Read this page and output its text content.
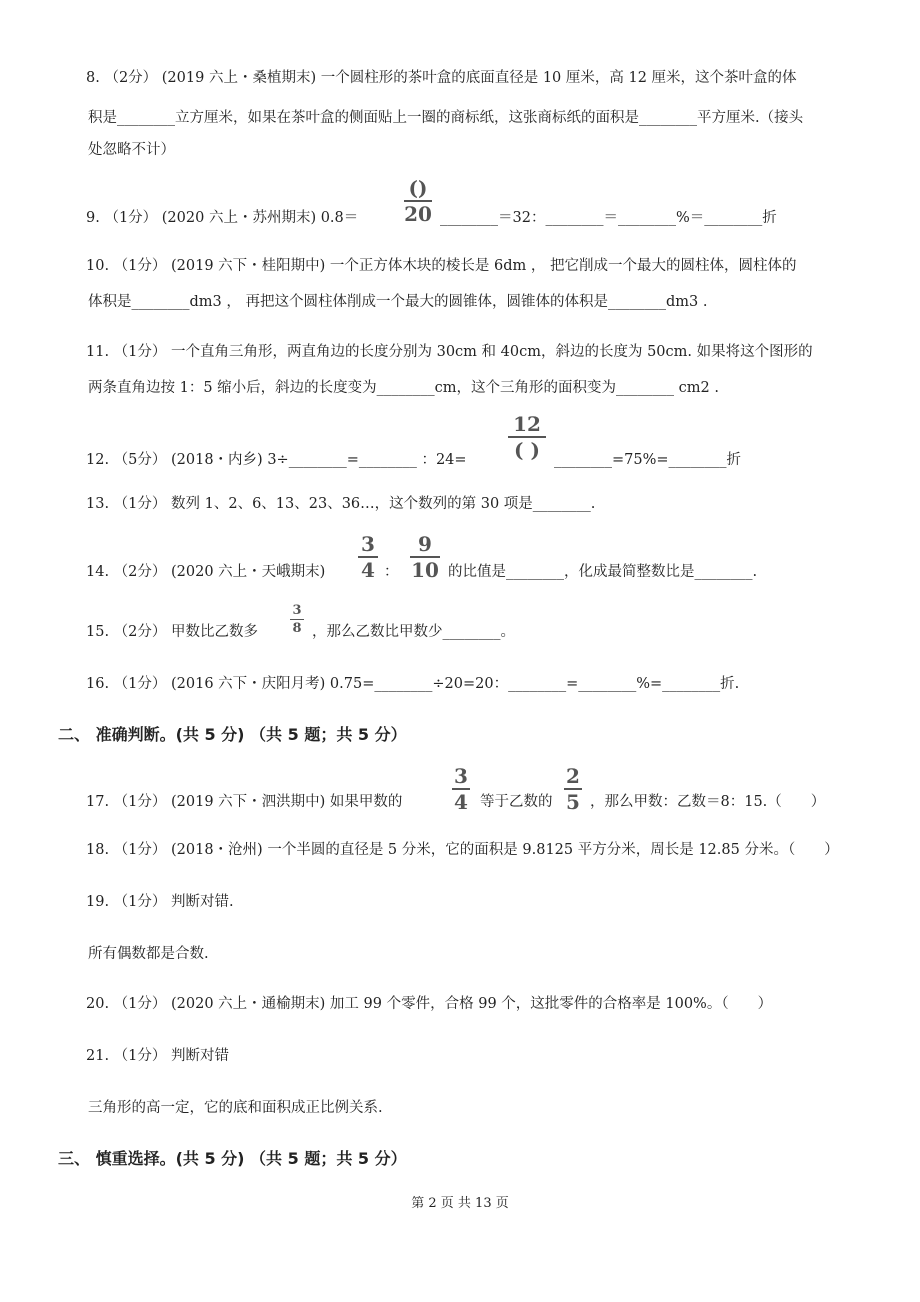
8. （2分） (2019 六上・桑植期末) 一个圆柱形的茶叶盒的底面直径是 10 厘米，高 12 厘米，这个茶叶盒的体
积是________立方厘米，如果在茶叶盒的侧面贴上一圈的商标纸，这张商标纸的面积是________平方厘米.（接头
处忽略不计）
9. （1分） (2020 六上・苏州期末) 0.8＝
()
20 ________＝32：________＝________%＝________折
10. （1分） (2019 六下・桂阳期中) 一个正方体木块的棱长是 6dm ， 把它削成一个最大的圆柱体，圆柱体的
体积是________dm3 ， 再把这个圆柱体削成一个最大的圆锥体，圆锥体的体积是________dm3 .
11. （1分） 一个直角三角形，两直角边的长度分别为 30cm 和 40cm，斜边的长度为 50cm. 如果将这个图形的
两条直角边按 1：5 缩小后，斜边的长度变为________cm，这个三角形的面积变为________ cm2 .
12. （5分） (2018・内乡) 3÷________=________ ：24=
12
( ) ________=75%=________折
13. （1分） 数列 1、2、6、13、23、36…，这个数列的第 30 项是________.
14. （2分） (2020 六上・天峨期末)
3
4 ：
9
10 的比值是________，化成最简整数比是________.
15. （2分） 甲数比乙数多
3
8 ，那么乙数比甲数少________。
16. （1分） (2016 六下・庆阳月考) 0.75=________÷20=20：________=________%=________折.
二、 准确判断。(共 5 分) （共 5 题；共 5 分）
17. （1分） (2019 六下・泗洪期中) 如果甲数的
3
4 等于乙数的
2
5 ，那么甲数：乙数＝8：15.（　　）
18. （1分） (2018・沧州) 一个半圆的直径是 5 分米，它的面积是 9.8125 平方分米，周长是 12.85 分米。（　　）
19. （1分） 判断对错.
所有偶数都是合数.
20. （1分） (2020 六上・通榆期末) 加工 99 个零件，合格 99 个，这批零件的合格率是 100%。（　　）
21. （1分） 判断对错
三角形的高一定，它的底和面积成正比例关系.
三、 慎重选择。(共 5 分) （共 5 题；共 5 分）
第 2 页 共 13 页
